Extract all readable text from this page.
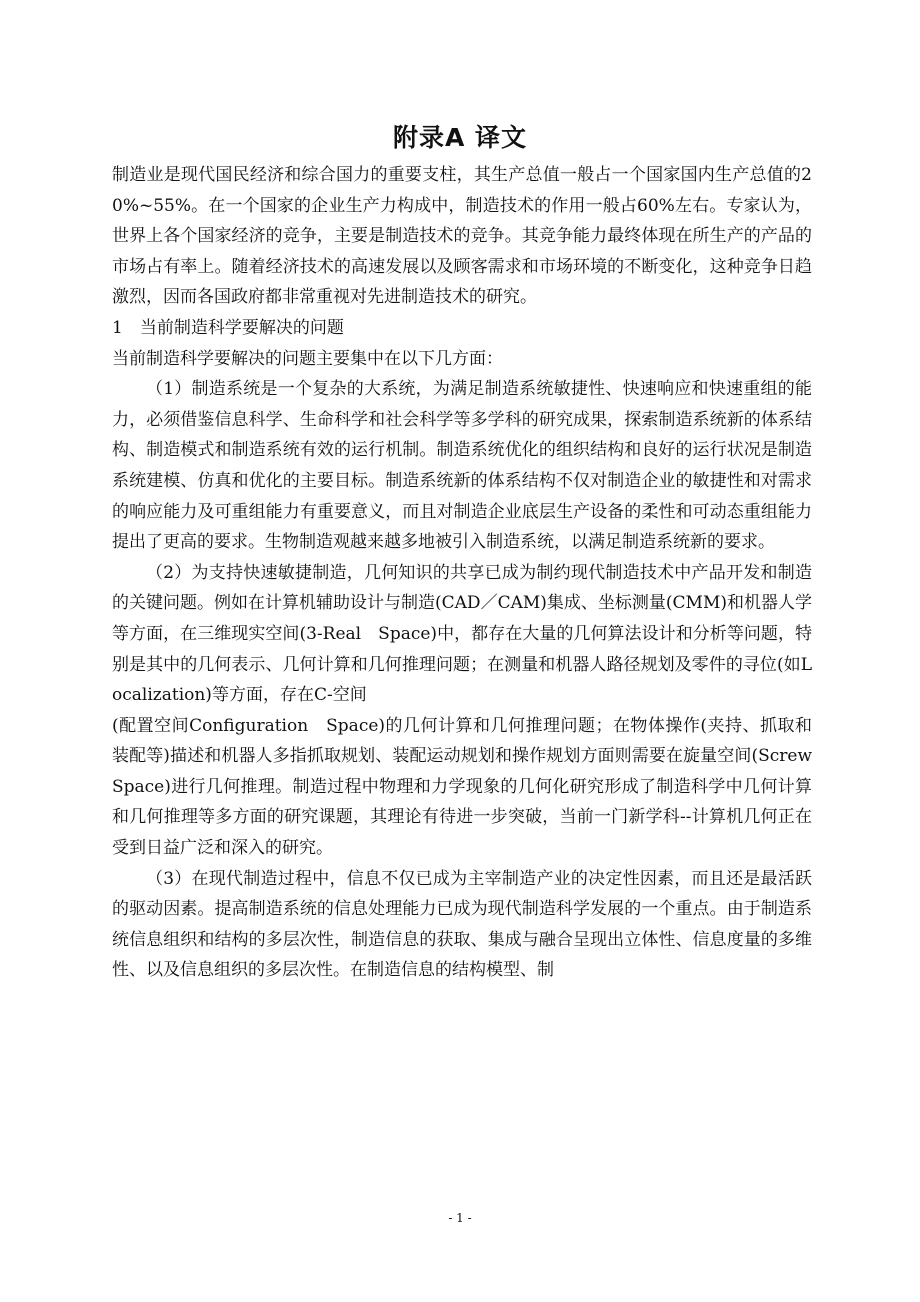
附录A 译文

制造业是现代国民经济和综合国力的重要支柱，其生产总值一般占一个国家国内生产总值的20%~55%。在一个国家的企业生产力构成中，制造技术的作用一般占60%左右。专家认为，世界上各个国家经济的竞争，主要是制造技术的竞争。其竞争能力最终体现在所生产的产品的市场占有率上。随着经济技术的高速发展以及顾客需求和市场环境的不断变化，这种竞争日趋激烈，因而各国政府都非常重视对先进制造技术的研究。

1　当前制造科学要解决的问题

当前制造科学要解决的问题主要集中在以下几方面：

（1）制造系统是一个复杂的大系统，为满足制造系统敏捷性、快速响应和快速重组的能力，必须借鉴信息科学、生命科学和社会科学等多学科的研究成果，探索制造系统新的体系结构、制造模式和制造系统有效的运行机制。制造系统优化的组织结构和良好的运行状况是制造系统建模、仿真和优化的主要目标。制造系统新的体系结构不仅对制造企业的敏捷性和对需求的响应能力及可重组能力有重要意义，而且对制造企业底层生产设备的柔性和可动态重组能力提出了更高的要求。生物制造观越来越多地被引入制造系统，以满足制造系统新的要求。

（2）为支持快速敏捷制造，几何知识的共享已成为制约现代制造技术中产品开发和制造的关键问题。例如在计算机辅助设计与制造(CAD／CAM)集成、坐标测量(CMM)和机器人学等方面，在三维现实空间(3-Real　Space)中，都存在大量的几何算法设计和分析等问题，特别是其中的几何表示、几何计算和几何推理问题；在测量和机器人路径规划及零件的寻位(如Localization)等方面，存在C-空间

(配置空间Configuration　Space)的几何计算和几何推理问题；在物体操作(夹持、抓取和装配等)描述和机器人多指抓取规划、装配运动规划和操作规划方面则需要在旋量空间(Screw　Space)进行几何推理。制造过程中物理和力学现象的几何化研究形成了制造科学中几何计算和几何推理等多方面的研究课题，其理论有待进一步突破，当前一门新学科--计算机几何正在受到日益广泛和深入的研究。

（3）在现代制造过程中，信息不仅已成为主宰制造产业的决定性因素，而且还是最活跃的驱动因素。提高制造系统的信息处理能力已成为现代制造科学发展的一个重点。由于制造系统信息组织和结构的多层次性，制造信息的获取、集成与融合呈现出立体性、信息度量的多维性、以及信息组织的多层次性。在制造信息的结构模型、制

- 1 -
